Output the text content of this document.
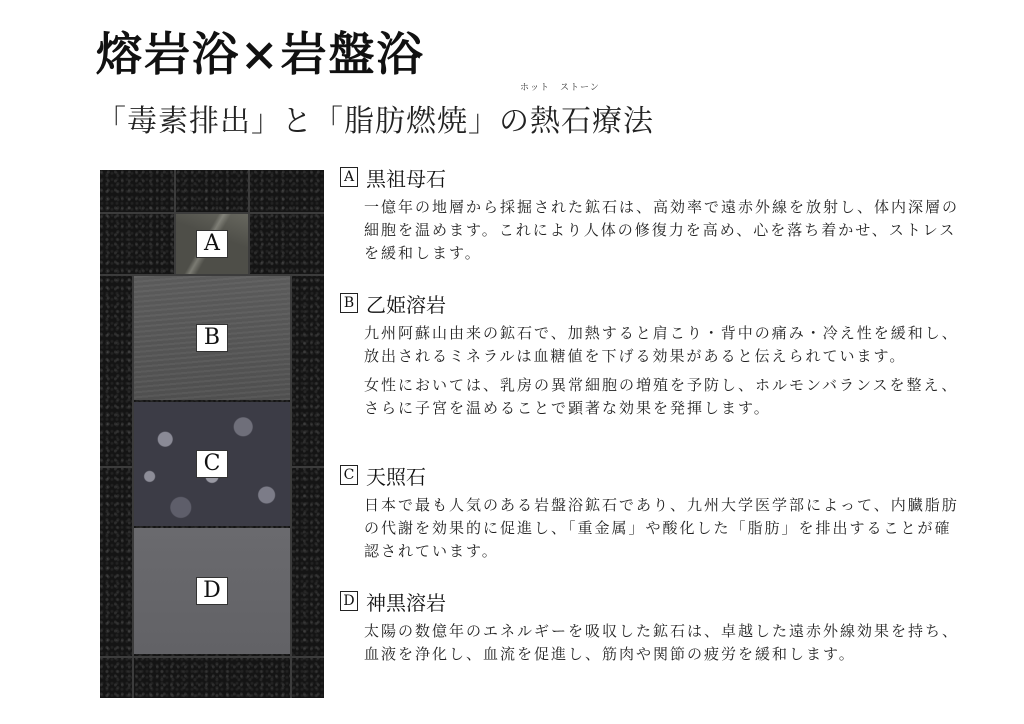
熔岩浴×岩盤浴
ホット　ストーン
「毒素排出」と「脂肪燃焼」の熱石療法
A
B
C
D
A 黒祖母石

一億年の地層から採掘された鉱石は、高効率で遠赤外線を放射し、体内深層の細胞を温めます。これにより人体の修復力を高め、心を落ち着かせ、ストレスを緩和します。

B 乙姫溶岩

九州阿蘇山由来の鉱石で、加熱すると肩こり・背中の痛み・冷え性を緩和し、放出されるミネラルは血糖値を下げる効果があると伝えられています。

女性においては、乳房の異常細胞の増殖を予防し、ホルモンバランスを整え、さらに子宮を温めることで顕著な効果を発揮します。

C 天照石

日本で最も人気のある岩盤浴鉱石であり、九州大学医学部によって、内臓脂肪の代謝を効果的に促進し、「重金属」や酸化した「脂肪」を排出することが確認されています。

D 神黒溶岩

太陽の数億年のエネルギーを吸収した鉱石は、卓越した遠赤外線効果を持ち、血液を浄化し、血流を促進し、筋肉や関節の疲労を緩和します。
